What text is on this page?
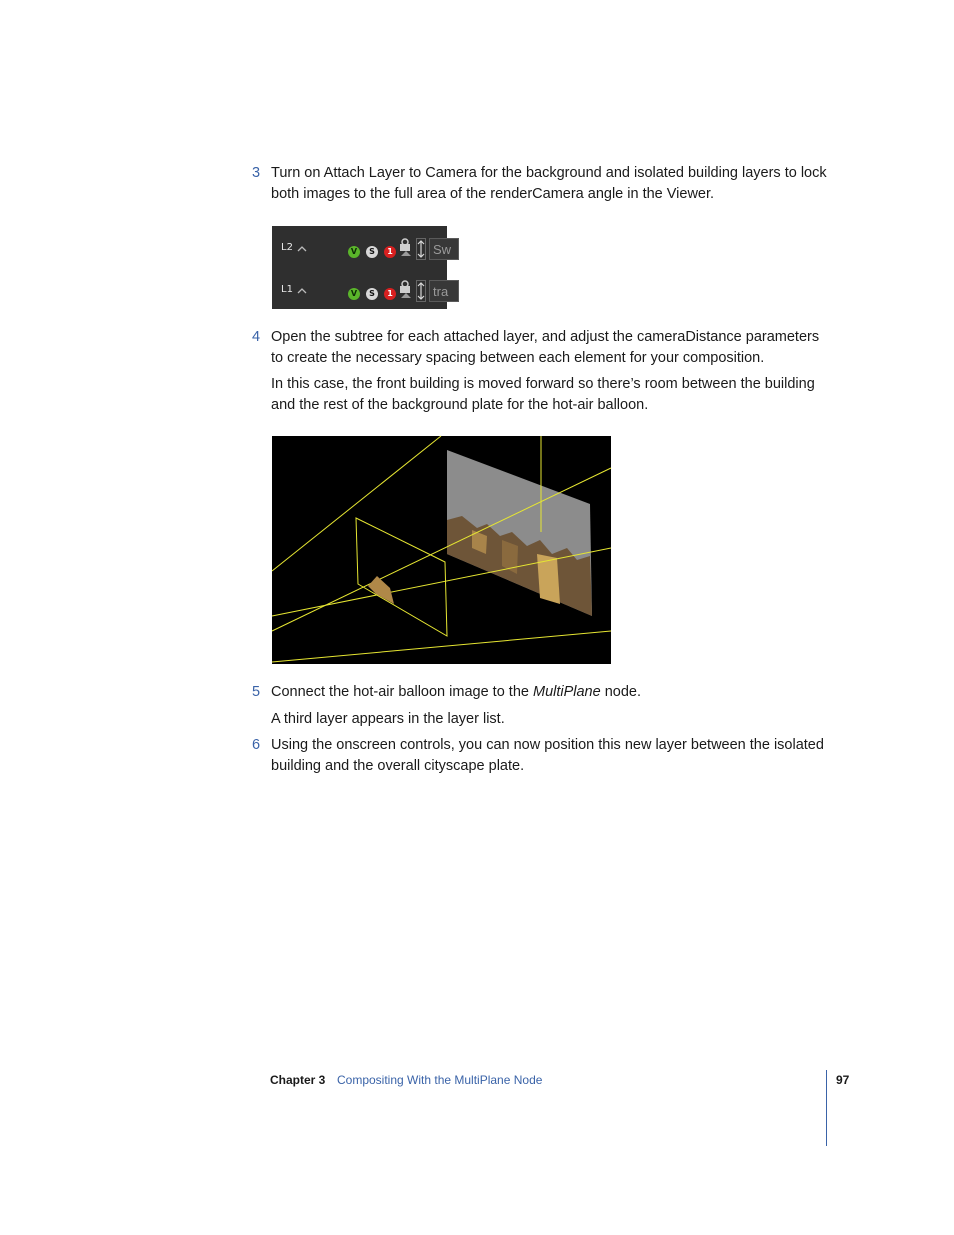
3 Turn on Attach Layer to Camera for the background and isolated building layers to lock both images to the full area of the renderCamera angle in the Viewer.
L2	V	S	1	Sw
L1	V	S	1	tra
4 Open the subtree for each attached layer, and adjust the cameraDistance parameters to create the necessary spacing between each element for your composition.
In this case, the front building is moved forward so there’s room between the building and the rest of the background plate for the hot-air balloon.
5 Connect the hot-air balloon image to the MultiPlane node.
A third layer appears in the layer list.
6 Using the onscreen controls, you can now position this new layer between the isolated building and the overall cityscape plate.
Chapter 3 Compositing With the MultiPlane Node	97
